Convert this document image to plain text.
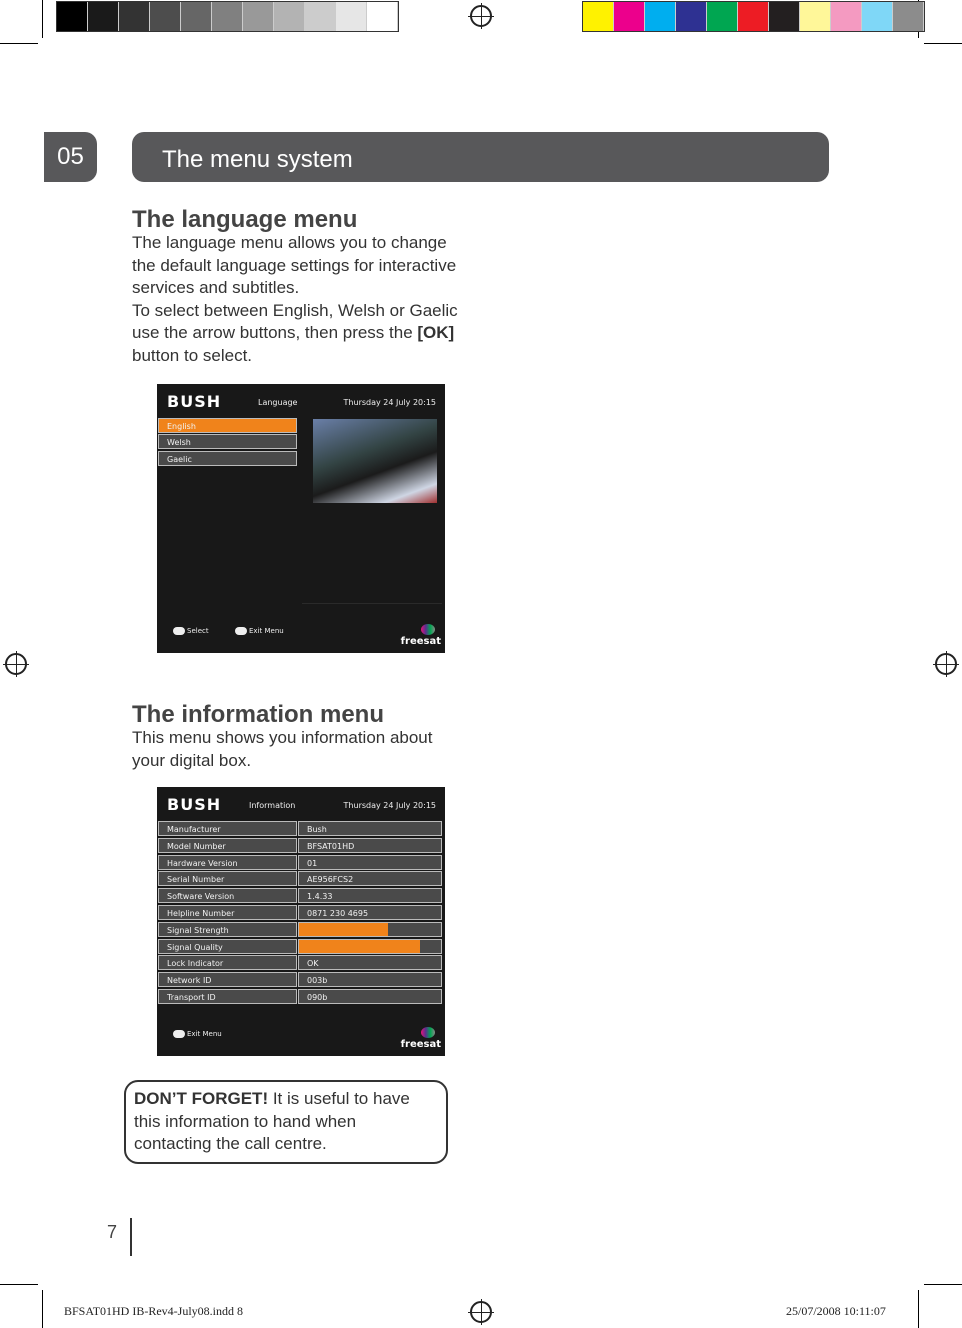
05	The menu system
The language menu
The language menu allows you to change the default language settings for interactive services and subtitles.
To select between English, Welsh or Gaelic use the arrow buttons, then press the [OK] button to select.
BUSH	Language	Thursday 24 July 20:15
English
Welsh
Gaelic
Select	Exit Menu
freesat
The information menu
This menu shows you information about your digital box.
BUSH	Information	Thursday 24 July 20:15
Manufacturer	Bush
Model Number	BFSAT01HD
Hardware Version	01
Serial Number	AE956FCS2
Software Version	1.4.33
Helpline Number	0871 230 4695
Signal Strength
Signal Quality
Lock Indicator	OK
Network ID	003b
Transport ID	090b
Exit Menu
freesat
DON’T FORGET! It is useful to have this information to hand when contacting the call centre.
7
BFSAT01HD IB-Rev4-July08.indd 8	25/07/2008 10:11:07
